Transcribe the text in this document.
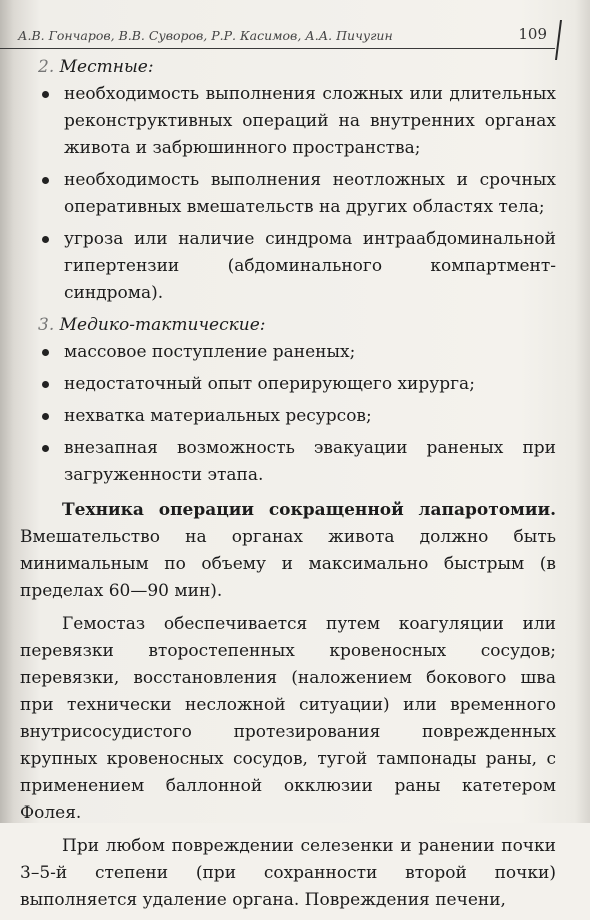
А.В. Гончаров, В.В. Суворов, Р.Р. Касимов, А.А. Пичугин	109

2. Местные:

необходимость выполнения сложных или длительных реконструктивных операций на внутренних органах живота и забрюшинного пространства;
необходимость выполнения неотложных и срочных оперативных вмешательств на других областях тела;
угроза или наличие синдрома интраабдоминальной гипертензии (абдоминального компартмент-синдрома).

3. Медико-тактические:

массовое поступление раненых;
недостаточный опыт оперирующего хирурга;
нехватка материальных ресурсов;
внезапная возможность эвакуации раненых при загруженности этапа.

Техника операции сокращенной лапаротомии. Вмешательство на органах живота должно быть минимальным по объему и максимально быстрым (в пределах 60—90 мин).

Гемостаз обеспечивается путем коагуляции или перевязки второстепенных кровеносных сосудов; перевязки, восстановления (наложением бокового шва при технически несложной ситуации) или временного внутрисосудистого протезирования поврежденных крупных кровеносных сосудов, тугой тампонады раны, с применением баллонной окклюзии раны катетером Фолея.

При любом повреждении селезенки и ранении почки 3–5-й степени (при сохранности второй почки) выполняется удаление органа. Повреждения печени,
